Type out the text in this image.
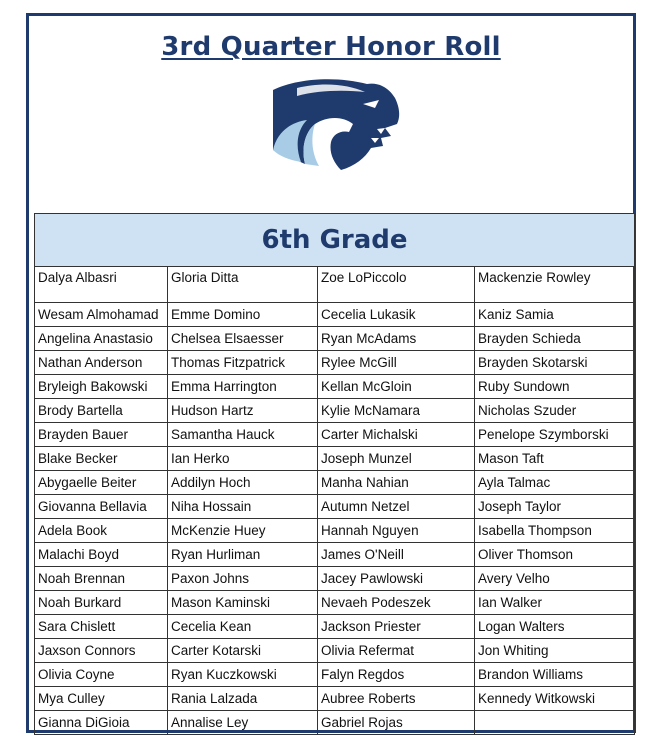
3rd Quarter Honor Roll
6th Grade			
Dalya Albasri	Gloria Ditta	Zoe LoPiccolo	Mackenzie Rowley
Wesam Almohamad	Emme Domino	Cecelia Lukasik	Kaniz Samia
Angelina Anastasio	Chelsea Elsaesser	Ryan McAdams	Brayden Schieda
Nathan Anderson	Thomas Fitzpatrick	Rylee McGill	Brayden Skotarski
Bryleigh Bakowski	Emma Harrington	Kellan McGloin	Ruby Sundown
Brody Bartella	Hudson Hartz	Kylie McNamara	Nicholas Szuder
Brayden Bauer	Samantha Hauck	Carter Michalski	Penelope Szymborski
Blake Becker	Ian Herko	Joseph Munzel	Mason Taft
Abygaelle Beiter	Addilyn Hoch	Manha Nahian	Ayla Talmac
Giovanna Bellavia	Niha Hossain	Autumn Netzel	Joseph Taylor
Adela Book	McKenzie Huey	Hannah Nguyen	Isabella Thompson
Malachi Boyd	Ryan Hurliman	James O'Neill	Oliver Thomson
Noah Brennan	Paxon Johns	Jacey Pawlowski	Avery Velho
Noah Burkard	Mason Kaminski	Nevaeh Podeszek	Ian Walker
Sara Chislett	Cecelia Kean	Jackson Priester	Logan Walters
Jaxson Connors	Carter Kotarski	Olivia Refermat	Jon Whiting
Olivia Coyne	Ryan Kuczkowski	Falyn Regdos	Brandon Williams
Mya Culley	Rania Lalzada	Aubree Roberts	Kennedy Witkowski
Gianna DiGioia	Annalise Ley	Gabriel Rojas	
